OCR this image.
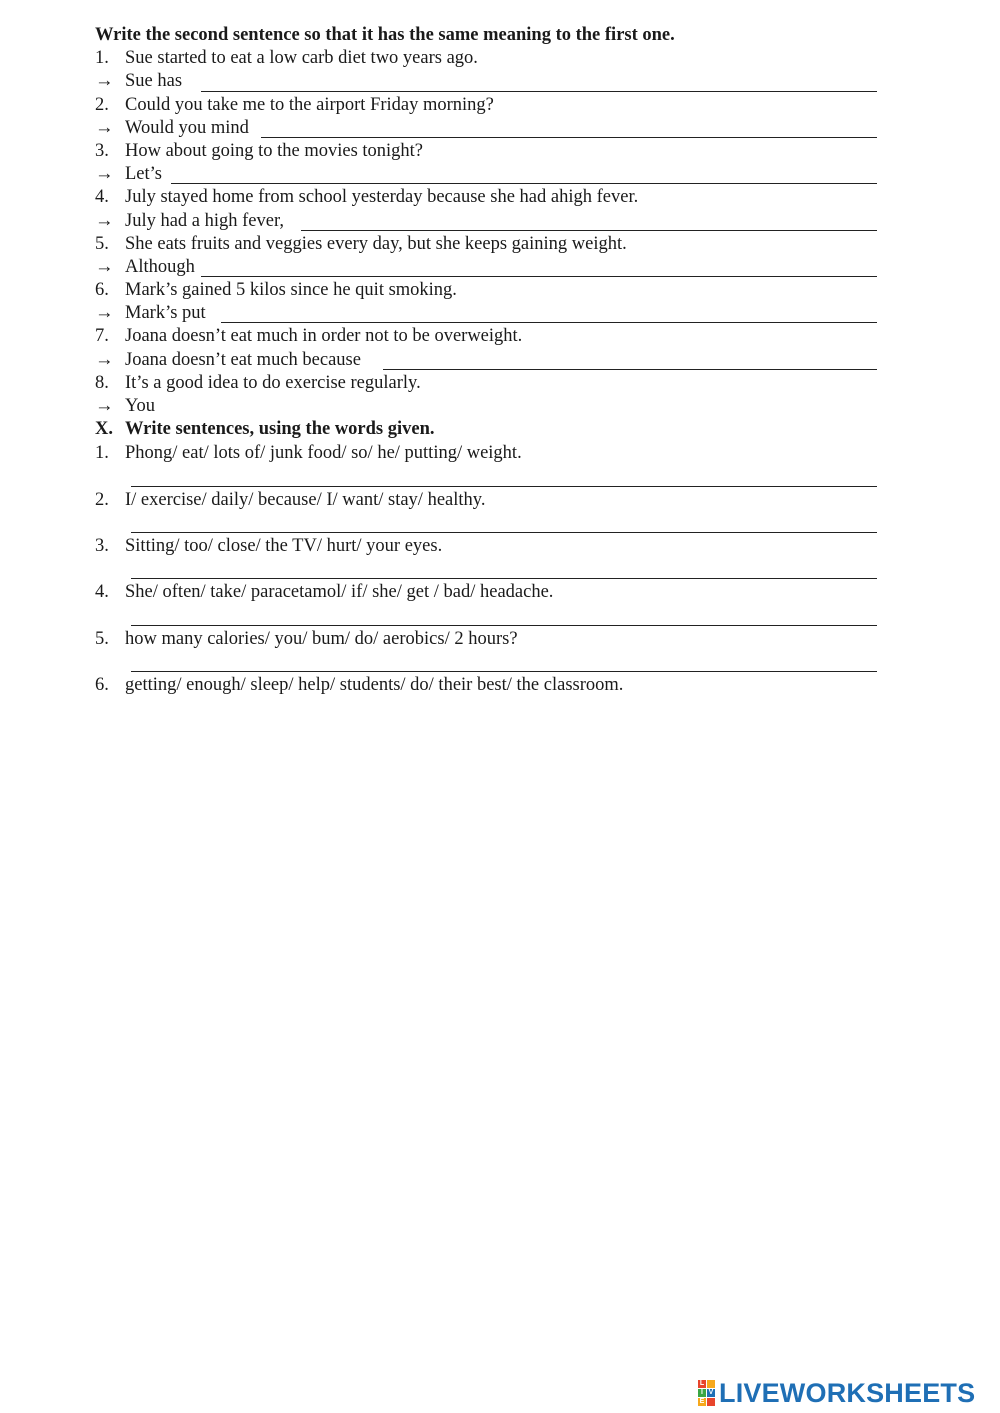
Write the second sentence so that it has the same meaning to the first one.
1. Sue started to eat a low carb diet two years ago.
→ Sue has
2. Could you take me to the airport Friday morning?
→ Would you mind
3. How about going to the movies tonight?
→ Let’s
4. July stayed home from school yesterday because she had ahigh fever.
→ July had a high fever,
5. She eats fruits and veggies every day, but she keeps gaining weight.
→ Although
6. Mark’s gained 5 kilos since he quit smoking.
→ Mark’s put
7. Joana doesn’t eat much in order not to be overweight.
→ Joana doesn’t eat much because
8. It’s a good idea to do exercise regularly.
→ You
X. Write sentences, using the words given.
1. Phong/ eat/ lots of/ junk food/ so/ he/ putting/ weight.
2. I/ exercise/ daily/ because/ I/ want/ stay/ healthy.
3. Sitting/ too/ close/ the TV/ hurt/ your eyes.
4. She/ often/ take/ paracetamol/ if/ she/ get / bad/ headache.
5. how many calories/ you/ bum/ do/ aerobics/ 2 hours?
6. getting/ enough/ sleep/ help/ students/ do/ their best/ the classroom.
L
I V
E LIVEWORKSHEETS
